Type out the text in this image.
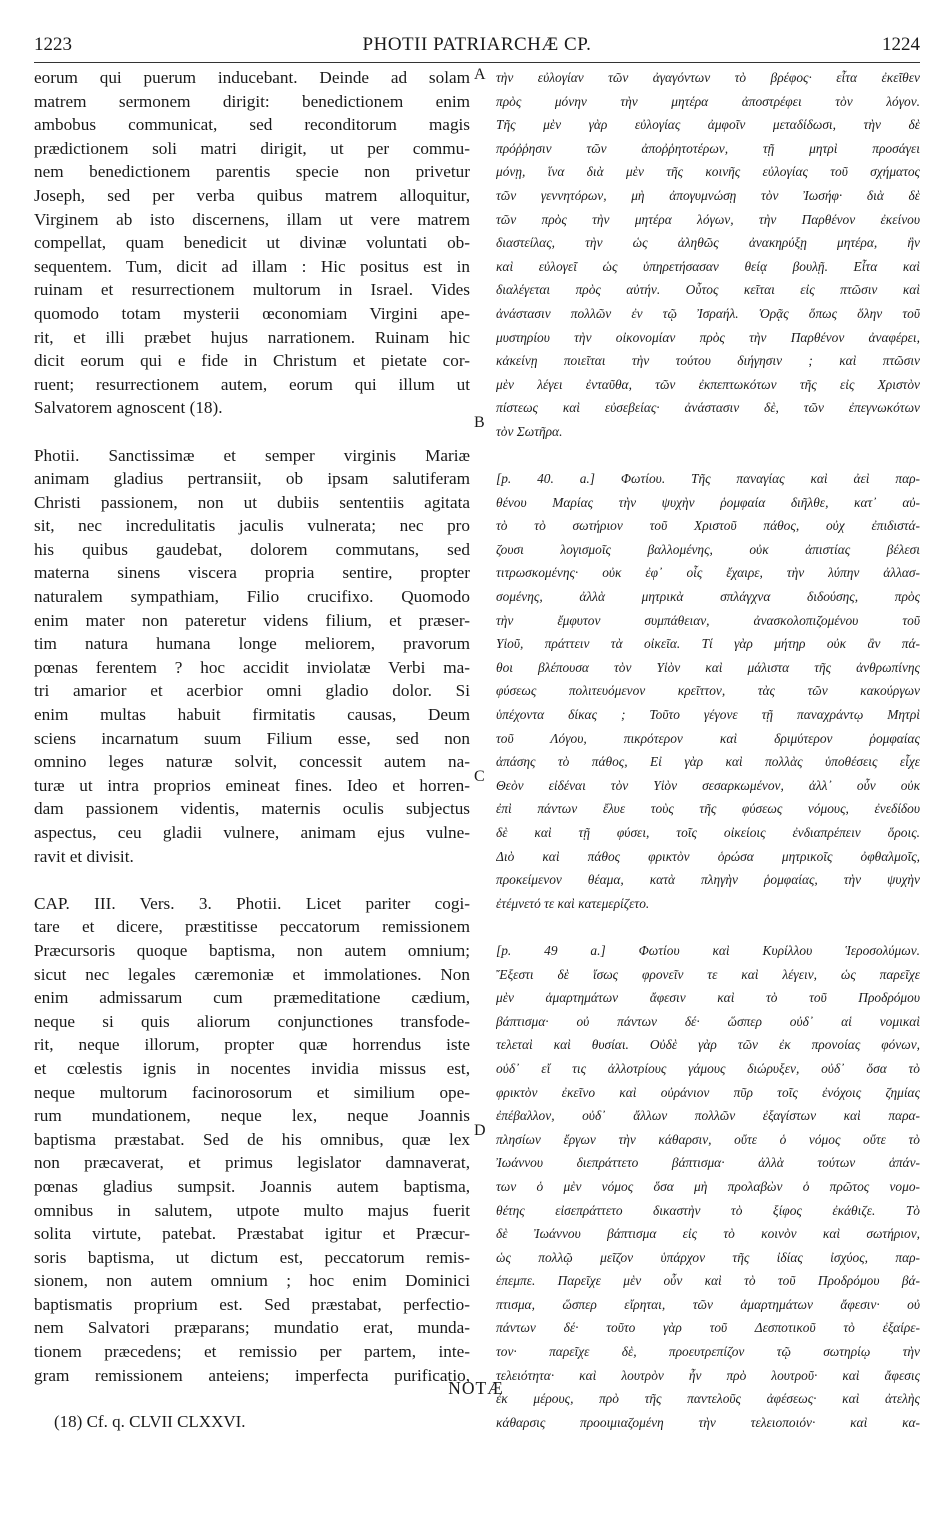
1223	PHOTII PATRIARCHÆ CP.	1224
eorum qui puerum inducebant. Deinde ad solam
matrem sermonem dirigit: benedictionem enim
ambobus communicat, sed reconditorum magis
prædictionem soli matri dirigit, ut per commu-
nem benedictionem parentis specie non privetur
Joseph, sed per verba quibus matrem alloquitur,
Virginem ab isto discernens, illam ut vere matrem
compellat, quam benedicit ut divinæ voluntati ob-
sequentem. Tum, dicit ad illam : Hic positus est in
ruinam et resurrectionem multorum in Israel. Vides
quomodo totam mysterii œconomiam Virgini ape-
rit, et illi præbet hujus narrationem. Ruinam hic
dicit eorum qui e fide in Christum et pietate cor-
ruent; resurrectionem autem, eorum qui illum ut
Salvatorem agnoscent (18).
Photii. Sanctissimæ et semper virginis Mariæ
animam gladius pertransiit, ob ipsam salutiferam
Christi passionem, non ut dubiis sententiis agitata
sit, nec incredulitatis jaculis vulnerata; nec pro
his quibus gaudebat, dolorem commutans, sed
materna sinens viscera propria sentire, propter
naturalem sympathiam, Filio crucifixo. Quomodo
enim mater non pateretur videns filium, et præser-
tim natura humana longe meliorem, pravorum
pœnas ferentem ? hoc accidit inviolatæ Verbi ma-
tri amarior et acerbior omni gladio dolor. Si
enim multas habuit firmitatis causas, Deum
sciens incarnatum suum Filium esse, sed non
omnino leges naturæ solvit, concessit autem na-
turæ ut intra proprios emineat fines. Ideo et horren-
dam passionem videntis, maternis oculis subjectus
aspectus, ceu gladii vulnere, animam ejus vulne-
ravit et divisit.
CAP. III. Vers. 3. Photii. Licet pariter cogi-
tare et dicere, præstitisse peccatorum remissionem
Præcursoris quoque baptisma, non autem omnium;
sicut nec legales cæremoniæ et immolationes. Non
enim admissarum cum præmeditatione cædium,
neque si quis aliorum conjunctiones transfode-
rit, neque illorum, propter quæ horrendus iste
et cœlestis ignis in nocentes invidia missus est,
neque multorum facinorosorum et similium ope-
rum mundationem, neque lex, neque Joannis
baptisma præstabat. Sed de his omnibus, quæ lex
non præcaverat, et primus legislator damnaverat,
pœnas gladius sumpsit. Joannis autem baptisma,
omnibus in salutem, utpote multo majus fuerit
solita virtute, patebat. Præstabat igitur et Præcur-
soris baptisma, ut dictum est, peccatorum remis-
sionem, non autem omnium ; hoc enim Dominici
baptismatis proprium est. Sed præstabat, perfectio-
nem Salvatori præparans; mundatio erat, munda-
tionem præcedens; et remissio per partem, inte-
gram remissionem anteiens; imperfecta purificatio,
τὴν εὐλογίαν τῶν ἀγαγόντων τὸ βρέφος· εἶτα ἐκεῖθεν
πρὸς μόνην τὴν μητέρα ἀποστρέφει τὸν λόγον.
Τῆς μὲν γὰρ εὐλογίας ἀμφοῖν μεταδίδωσι, τὴν δὲ
πρόῤῥησιν τῶν ἀποῤῥητοτέρων, τῇ μητρὶ προσάγει
μόνῃ, ἵνα διὰ μὲν τῆς κοινῆς εὐλογίας τοῦ σχήματος
τῶν γεννητόρων, μὴ ἀπογυμνώσῃ τὸν Ἰωσήφ· διὰ δὲ
τῶν πρὸς τὴν μητέρα λόγων, τὴν Παρθένον ἐκείνου
διαστείλας, τὴν ὡς ἀληθῶς ἀνακηρύξῃ μητέρα, ἣν
καὶ εὐλογεῖ ὡς ὑπηρετήσασαν θείᾳ βουλῇ. Εἶτα καὶ
διαλέγεται πρὸς αὐτήν. Οὗτος κεῖται εἰς πτῶσιν καὶ
ἀνάστασιν πολλῶν ἐν τῷ Ἰσραήλ. Ὁρᾷς ὅπως ὅλην τοῦ
μυστηρίου τὴν οἰκονομίαν πρὸς τὴν Παρθένον ἀναφέρει,
κἀκείνῃ ποιεῖται τὴν τούτου διήγησιν ; καὶ πτῶσιν
μὲν λέγει ἐνταῦθα, τῶν ἐκπεπτωκότων τῆς εἰς Χριστὸν
πίστεως καὶ εὐσεβείας· ἀνάστασιν δὲ, τῶν ἐπεγνωκότων
τὸν Σωτῆρα.
[p. 40. a.] Φωτίου. Τῆς παναγίας καὶ ἀεὶ παρ-
θένου Μαρίας τὴν ψυχὴν ῥομφαία διῆλθε, κατ᾿ αὐ-
τὸ τὸ σωτήριον τοῦ Χριστοῦ πάθος, οὐχ ἐπιδιστά-
ζουσι λογισμοῖς βαλλομένης, οὐκ ἀπιστίας βέλεσι
τιτρωσκομένης· οὐκ ἐφ᾿ οἷς ἔχαιρε, τὴν λύπην ἀλλασ-
σομένης, ἀλλὰ μητρικὰ σπλάγχνα διδούσης, πρὸς
τὴν ἔμφυτον συμπάθειαν, ἀνασκολοπιζομένου τοῦ
Υἱοῦ, πράττειν τὰ οἰκεῖα. Τί γὰρ μήτηρ οὐκ ἂν πά-
θοι βλέπουσα τὸν Υἱὸν καὶ μάλιστα τῆς ἀνθρωπίνης
φύσεως πολιτευόμενον κρεῖττον, τὰς τῶν κακούργων
ὑπέχοντα δίκας ; Τοῦτο γέγονε τῇ παναχράντῳ Μητρὶ
τοῦ Λόγου, πικρότερον καὶ δριμύτερον ῥομφαίας
ἁπάσης τὸ πάθος, Εἰ γὰρ καὶ πολλὰς ὑποθέσεις εἶχε
Θεὸν εἰδέναι τὸν Υἱὸν σεσαρκωμένον, ἀλλ᾿ οὖν οὐκ
ἐπὶ πάντων ἔλυε τοὺς τῆς φύσεως νόμους, ἐνεδίδου
δὲ καὶ τῇ φύσει, τοῖς οἰκείοις ἐνδιαπρέπειν ὅροις.
Διὸ καὶ πάθος φρικτὸν ὁρώσα μητρικοῖς ὀφθαλμοῖς,
προκείμενον θέαμα, κατὰ πληγὴν ῥομφαίας, τὴν ψυχὴν
ἐτέμνετό τε καὶ κατεμερίζετο.
[p. 49 a.] Φωτίου καὶ Κυρίλλου Ἱεροσολύμων.
Ἔξεστι δὲ ἴσως φρονεῖν τε καὶ λέγειν, ὡς παρεῖχε
μὲν ἁμαρτημάτων ἄφεσιν καὶ τὸ τοῦ Προδρόμου
βάπτισμα· οὐ πάντων δέ· ὥσπερ οὐδ᾿ αἱ νομικαὶ
τελεταὶ καὶ θυσίαι. Οὐδὲ γὰρ τῶν ἐκ προνοίας φόνων,
οὐδ᾿ εἴ τις ἀλλοτρίους γάμους διώρυξεν, οὐδ᾿ ὅσα τὸ
φρικτὸν ἐκεῖνο καὶ οὐράνιον πῦρ τοῖς ἐνόχοις ζημίας
ἐπέβαλλον, οὐδ᾿ ἄλλων πολλῶν ἐξαγίστων καὶ παρα-
πλησίων ἔργων τὴν κάθαρσιν, οὔτε ὁ νόμος οὔτε τὸ
Ἰωάννου διεπράττετο βάπτισμα· ἀλλὰ τούτων ἁπάν-
των ὁ μὲν νόμος ὅσα μὴ προλαβὼν ὁ πρῶτος νομο-
θέτης εἰσεπράττετο δικαστὴν τὸ ξίφος ἐκάθιζε. Τὸ
δὲ Ἰωάννου βάπτισμα εἰς τὸ κοινὸν καὶ σωτήριον,
ὡς πολλῷ μεῖζον ὑπάρχον τῆς ἰδίας ἰσχύος, παρ-
έπεμπε. Παρεῖχε μὲν οὖν καὶ τὸ τοῦ Προδρόμου βά-
πτισμα, ὥσπερ εἴρηται, τῶν ἁμαρτημάτων ἄφεσιν· οὐ
πάντων δέ· τοῦτο γὰρ τοῦ Δεσποτικοῦ τὸ ἐξαίρε-
τον· παρεῖχε δὲ, προευτρεπίζον τῷ σωτηρίῳ τὴν
τελειότητα· καὶ λουτρὸν ἦν πρὸ λουτροῦ· καὶ ἄφεσις
ἐκ μέρους, πρὸ τῆς παντελοῦς ἀφέσεως· καὶ ἀτελὴς
κάθαρσις προοιμιαζομένη τὴν τελειοποιόν· καὶ κα-
A
B
C
D
NOTÆ
(18) Cf. q. CLVII CLXXVI.
